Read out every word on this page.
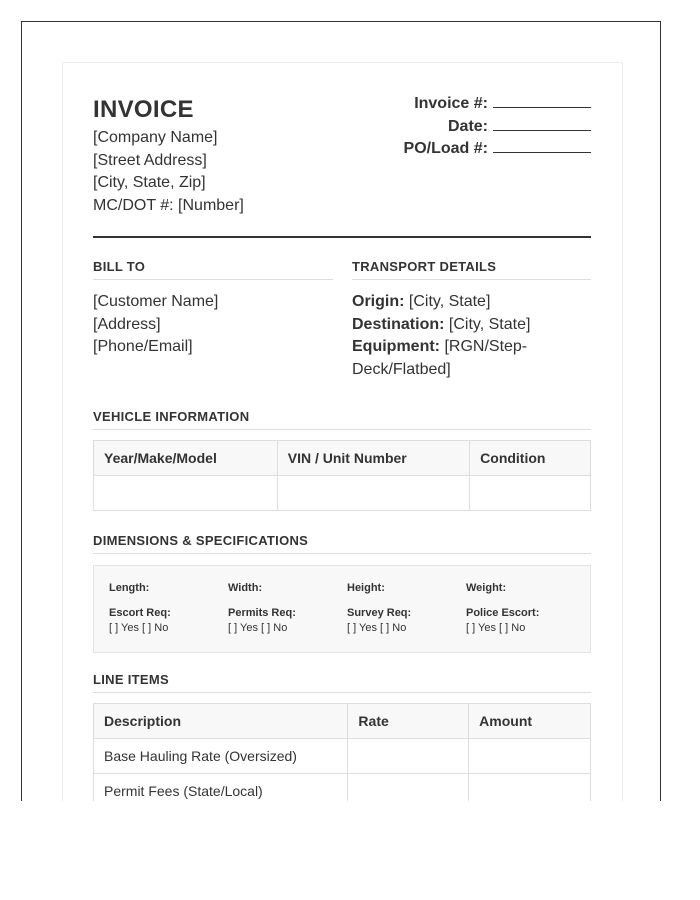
INVOICE
[Company Name]
[Street Address]
[City, State, Zip]
MC/DOT #: [Number]
Invoice #:
Date:
PO/Load #:
BILL TO
[Customer Name]
[Address]
[Phone/Email]
TRANSPORT DETAILS
Origin: [City, State]
Destination: [City, State]
Equipment: [RGN/Step-Deck/Flatbed]
VEHICLE INFORMATION
Year/Make/Model	VIN / Unit Number	Condition

DIMENSIONS & SPECIFICATIONS
Length:	Width:	Height:	Weight:
Escort Req:
[ ] Yes [ ] No
Permits Req:
[ ] Yes [ ] No
Survey Req:
[ ] Yes [ ] No
Police Escort:
[ ] Yes [ ] No
LINE ITEMS
Description	Rate	Amount
Base Hauling Rate (Oversized)		
Permit Fees (State/Local)		
